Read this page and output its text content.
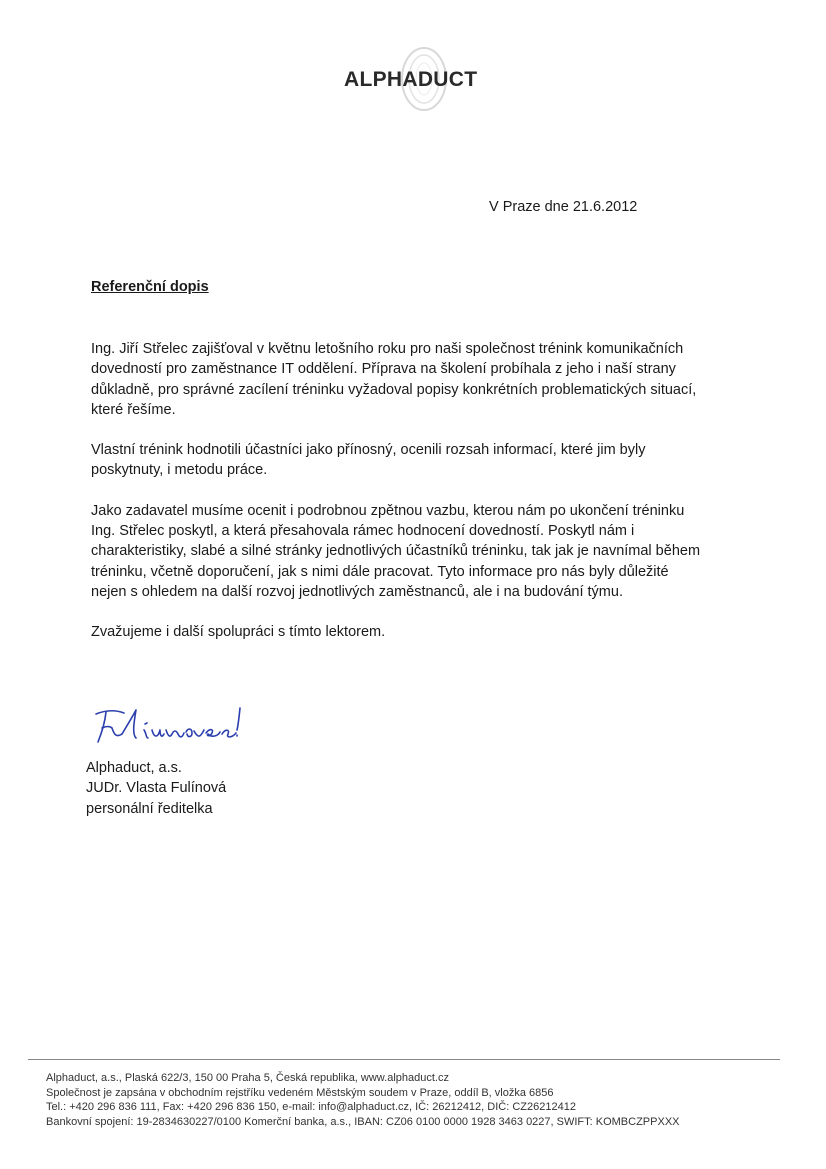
ALPHADUCT
V Praze dne 21.6.2012
Referenční dopis

Ing. Jiří Střelec zajišťoval v květnu letošního roku pro naši společnost trénink komunikačních
dovedností pro zaměstnance IT oddělení. Příprava na školení probíhala z jeho i naší strany
důkladně, pro správné zacílení tréninku vyžadoval popisy konkrétních problematických situací,
které řešíme.

Vlastní trénink hodnotili účastníci jako přínosný, ocenili rozsah informací, které jim byly
poskytnuty, i metodu práce.

Jako zadavatel musíme ocenit i podrobnou zpětnou vazbu, kterou nám po ukončení tréninku
Ing. Střelec poskytl, a která přesahovala rámec hodnocení dovedností. Poskytl nám i
charakteristiky, slabé a silné stránky jednotlivých účastníků tréninku, tak jak je navnímal během
tréninku, včetně doporučení, jak s nimi dále pracovat. Tyto informace pro nás byly důležité
nejen s ohledem na další rozvoj jednotlivých zaměstnanců, ale i na budování týmu.

Zvažujeme i další spolupráci s tímto lektorem.

Alphaduct, a.s.
JUDr. Vlasta Fulínová
personální ředitelka
Alphaduct, a.s., Plaská 622/3, 150 00 Praha 5, Česká republika, www.alphaduct.cz
Společnost je zapsána v obchodním rejstříku vedeném Městským soudem v Praze, oddíl B, vložka 6856
Tel.: +420 296 836 111, Fax: +420 296 836 150, e-mail: info@alphaduct.cz, IČ: 26212412, DIČ: CZ26212412
Bankovní spojení: 19-2834630227/0100 Komerční banka, a.s., IBAN: CZ06 0100 0000 1928 3463 0227, SWIFT: KOMBCZPPXXX
